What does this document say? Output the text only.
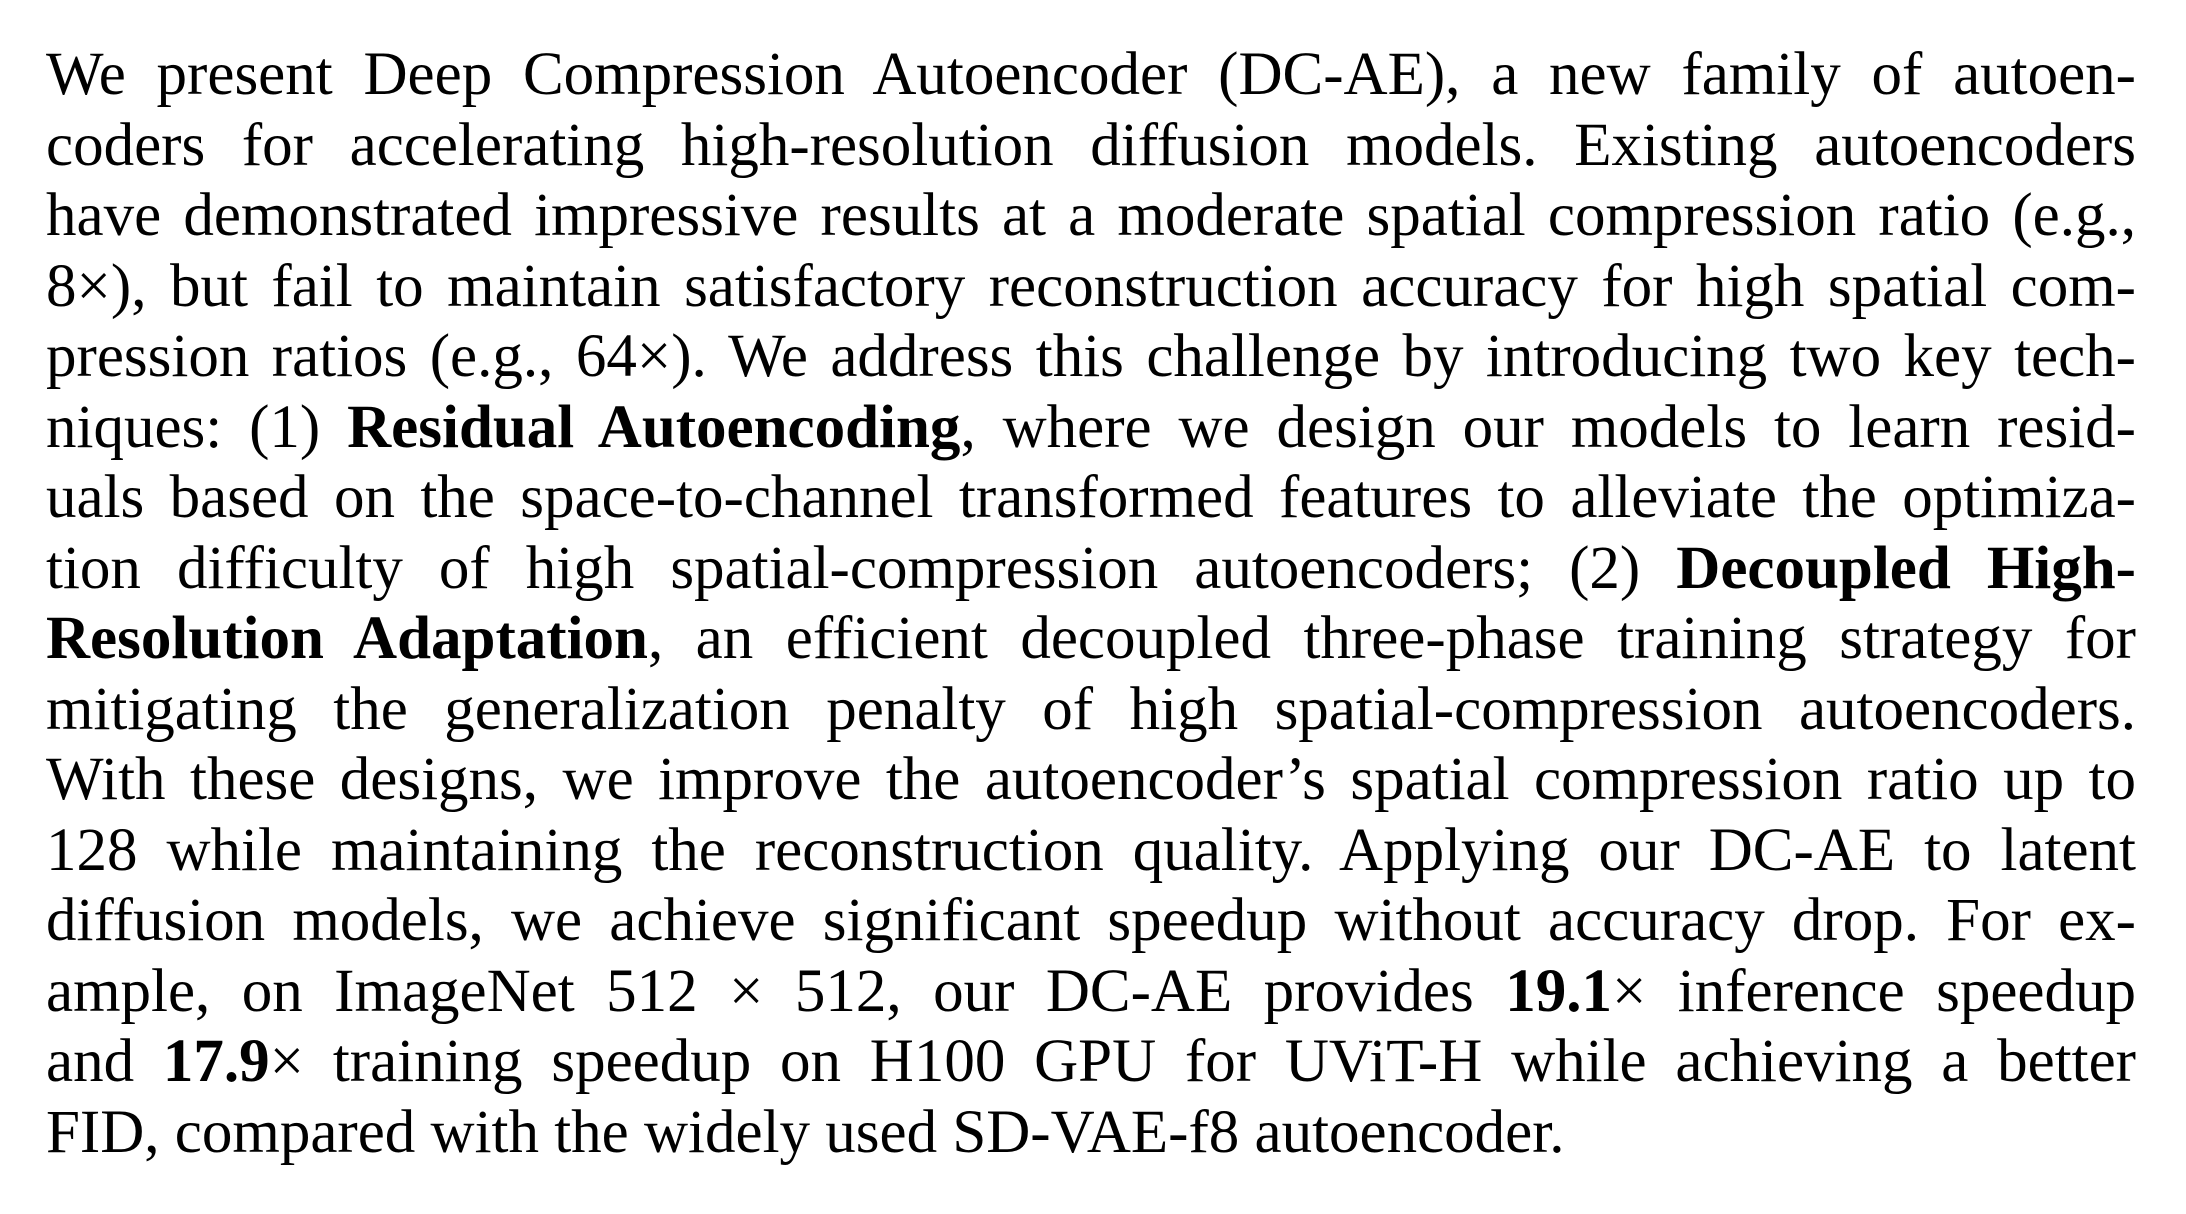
We present Deep Compression Autoencoder (DC-AE), a new family of autoen-
coders for accelerating high-resolution diffusion models. Existing autoencoders
have demonstrated impressive results at a moderate spatial compression ratio (e.g.,
8×), but fail to maintain satisfactory reconstruction accuracy for high spatial com-
pression ratios (e.g., 64×). We address this challenge by introducing two key tech-
niques: (1) Residual Autoencoding, where we design our models to learn resid-
uals based on the space-to-channel transformed features to alleviate the optimiza-
tion difficulty of high spatial-compression autoencoders; (2) Decoupled High-
Resolution Adaptation, an efficient decoupled three-phase training strategy for
mitigating the generalization penalty of high spatial-compression autoencoders.
With these designs, we improve the autoencoder’s spatial compression ratio up to
128 while maintaining the reconstruction quality. Applying our DC-AE to latent
diffusion models, we achieve significant speedup without accuracy drop. For ex-
ample, on ImageNet 512 × 512, our DC-AE provides 19.1× inference speedup
and 17.9× training speedup on H100 GPU for UViT-H while achieving a better
FID, compared with the widely used SD-VAE-f8 autoencoder.
